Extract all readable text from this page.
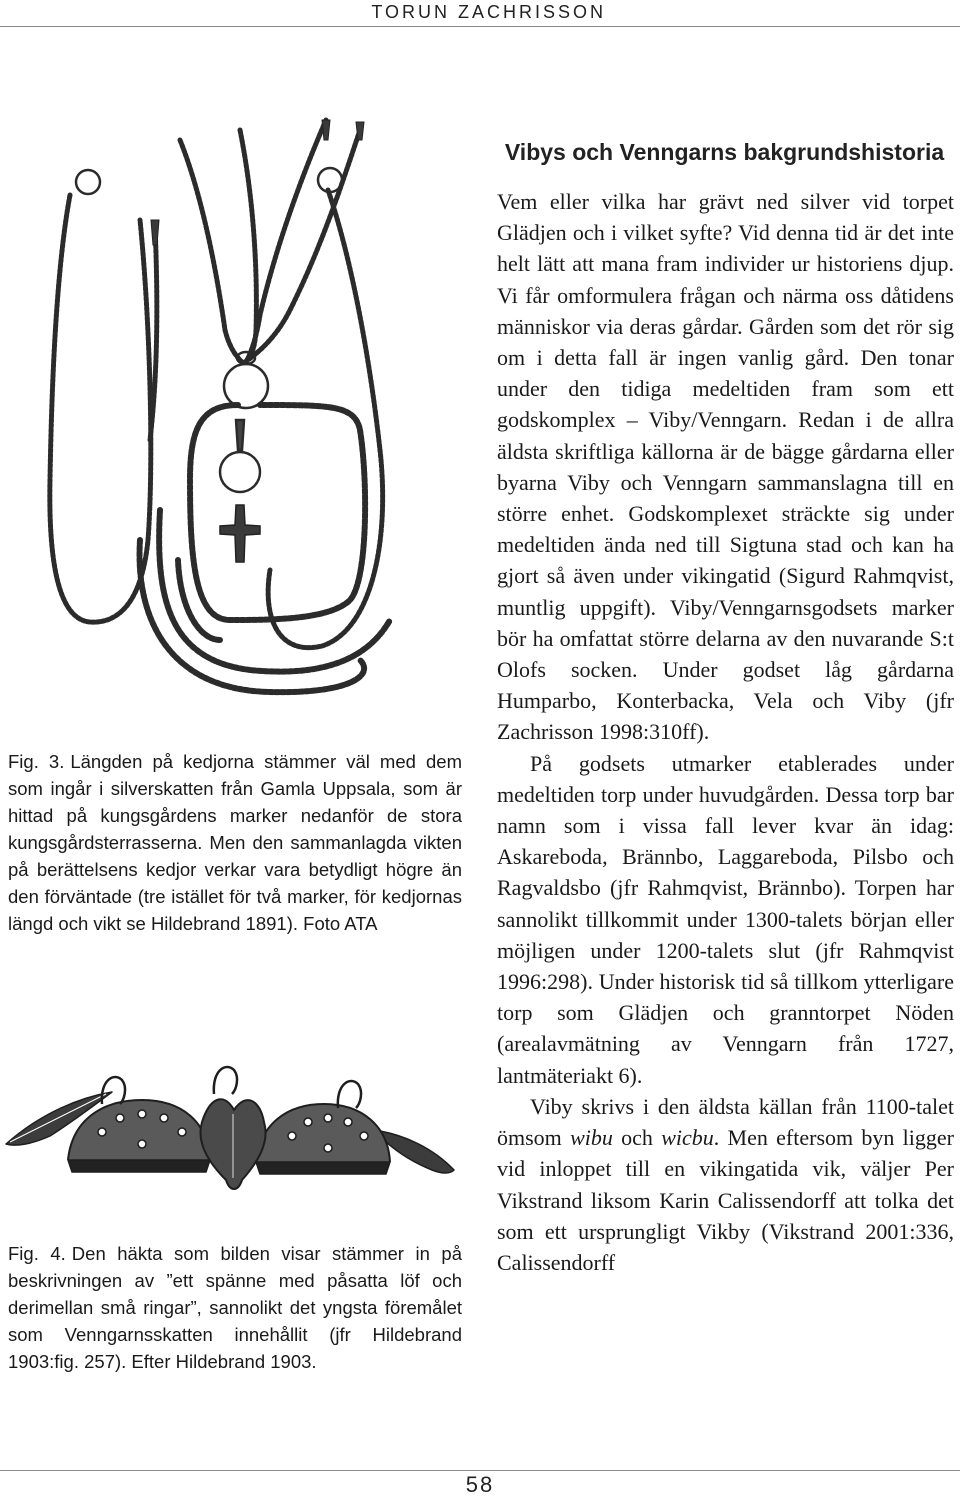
TORUN ZACHRISSON
Fig. 3. Längden på kedjorna stämmer väl med dem som ingår i silverskatten från Gamla Uppsala, som är hittad på kungsgårdens marker nedanför de stora kungsgårdsterrasserna. Men den sammanlagda vikten på berättelsens kedjor verkar vara betydligt högre än den förväntade (tre istället för två marker, för kedjornas längd och vikt se Hildebrand 1891). Foto ATA
Fig. 4. Den häkta som bilden visar stämmer in på beskrivningen av ”ett spänne med påsatta löf och derimellan små ringar”, sannolikt det yngsta föremålet som Venngarnsskatten innehållit (jfr Hildebrand 1903:fig. 257). Efter Hildebrand 1903.
Vibys och Venngarns bakgrundshistoria

Vem eller vilka har grävt ned silver vid torpet Glädjen och i vilket syfte? Vid denna tid är det inte helt lätt att mana fram individer ur historiens djup. Vi får omformulera frågan och närma oss dåtidens människor via deras gårdar. Gården som det rör sig om i detta fall är ingen vanlig gård. Den tonar under den tidiga medeltiden fram som ett godskomplex – Viby/Venngarn. Redan i de allra äldsta skriftliga källorna är de bägge gårdarna eller byarna Viby och Venngarn sammanslagna till en större enhet. Godskomplexet sträckte sig under medeltiden ända ned till Sigtuna stad och kan ha gjort så även under vikingatid (Sigurd Rahmqvist, muntlig uppgift). Viby/Venngarnsgodsets marker bör ha omfattat större delarna av den nuvarande S:t Olofs socken. Under godset låg gårdarna Humparbo, Konterbacka, Vela och Viby (jfr Zachrisson 1998:310ff).

På godsets utmarker etablerades under medeltiden torp under huvudgården. Dessa torp bar namn som i vissa fall lever kvar än idag: Askareboda, Brännbo, Laggareboda, Pilsbo och Ragvaldsbo (jfr Rahmqvist, Brännbo). Torpen har sannolikt tillkommit under 1300-talets början eller möjligen under 1200-talets slut (jfr Rahmqvist 1996:298). Under historisk tid så tillkom ytterligare torp som Glädjen och granntorpet Nöden (arealavmätning av Venngarn från 1727, lantmäteriakt 6).

Viby skrivs i den äldsta källan från 1100-talet ömsom wibu och wicbu. Men eftersom byn ligger vid inloppet till en vikingatida vik, väljer Per Vikstrand liksom Karin Calissendorff att tolka det som ett ursprungligt Vikby (Vikstrand 2001:336, Calissendorff

58
